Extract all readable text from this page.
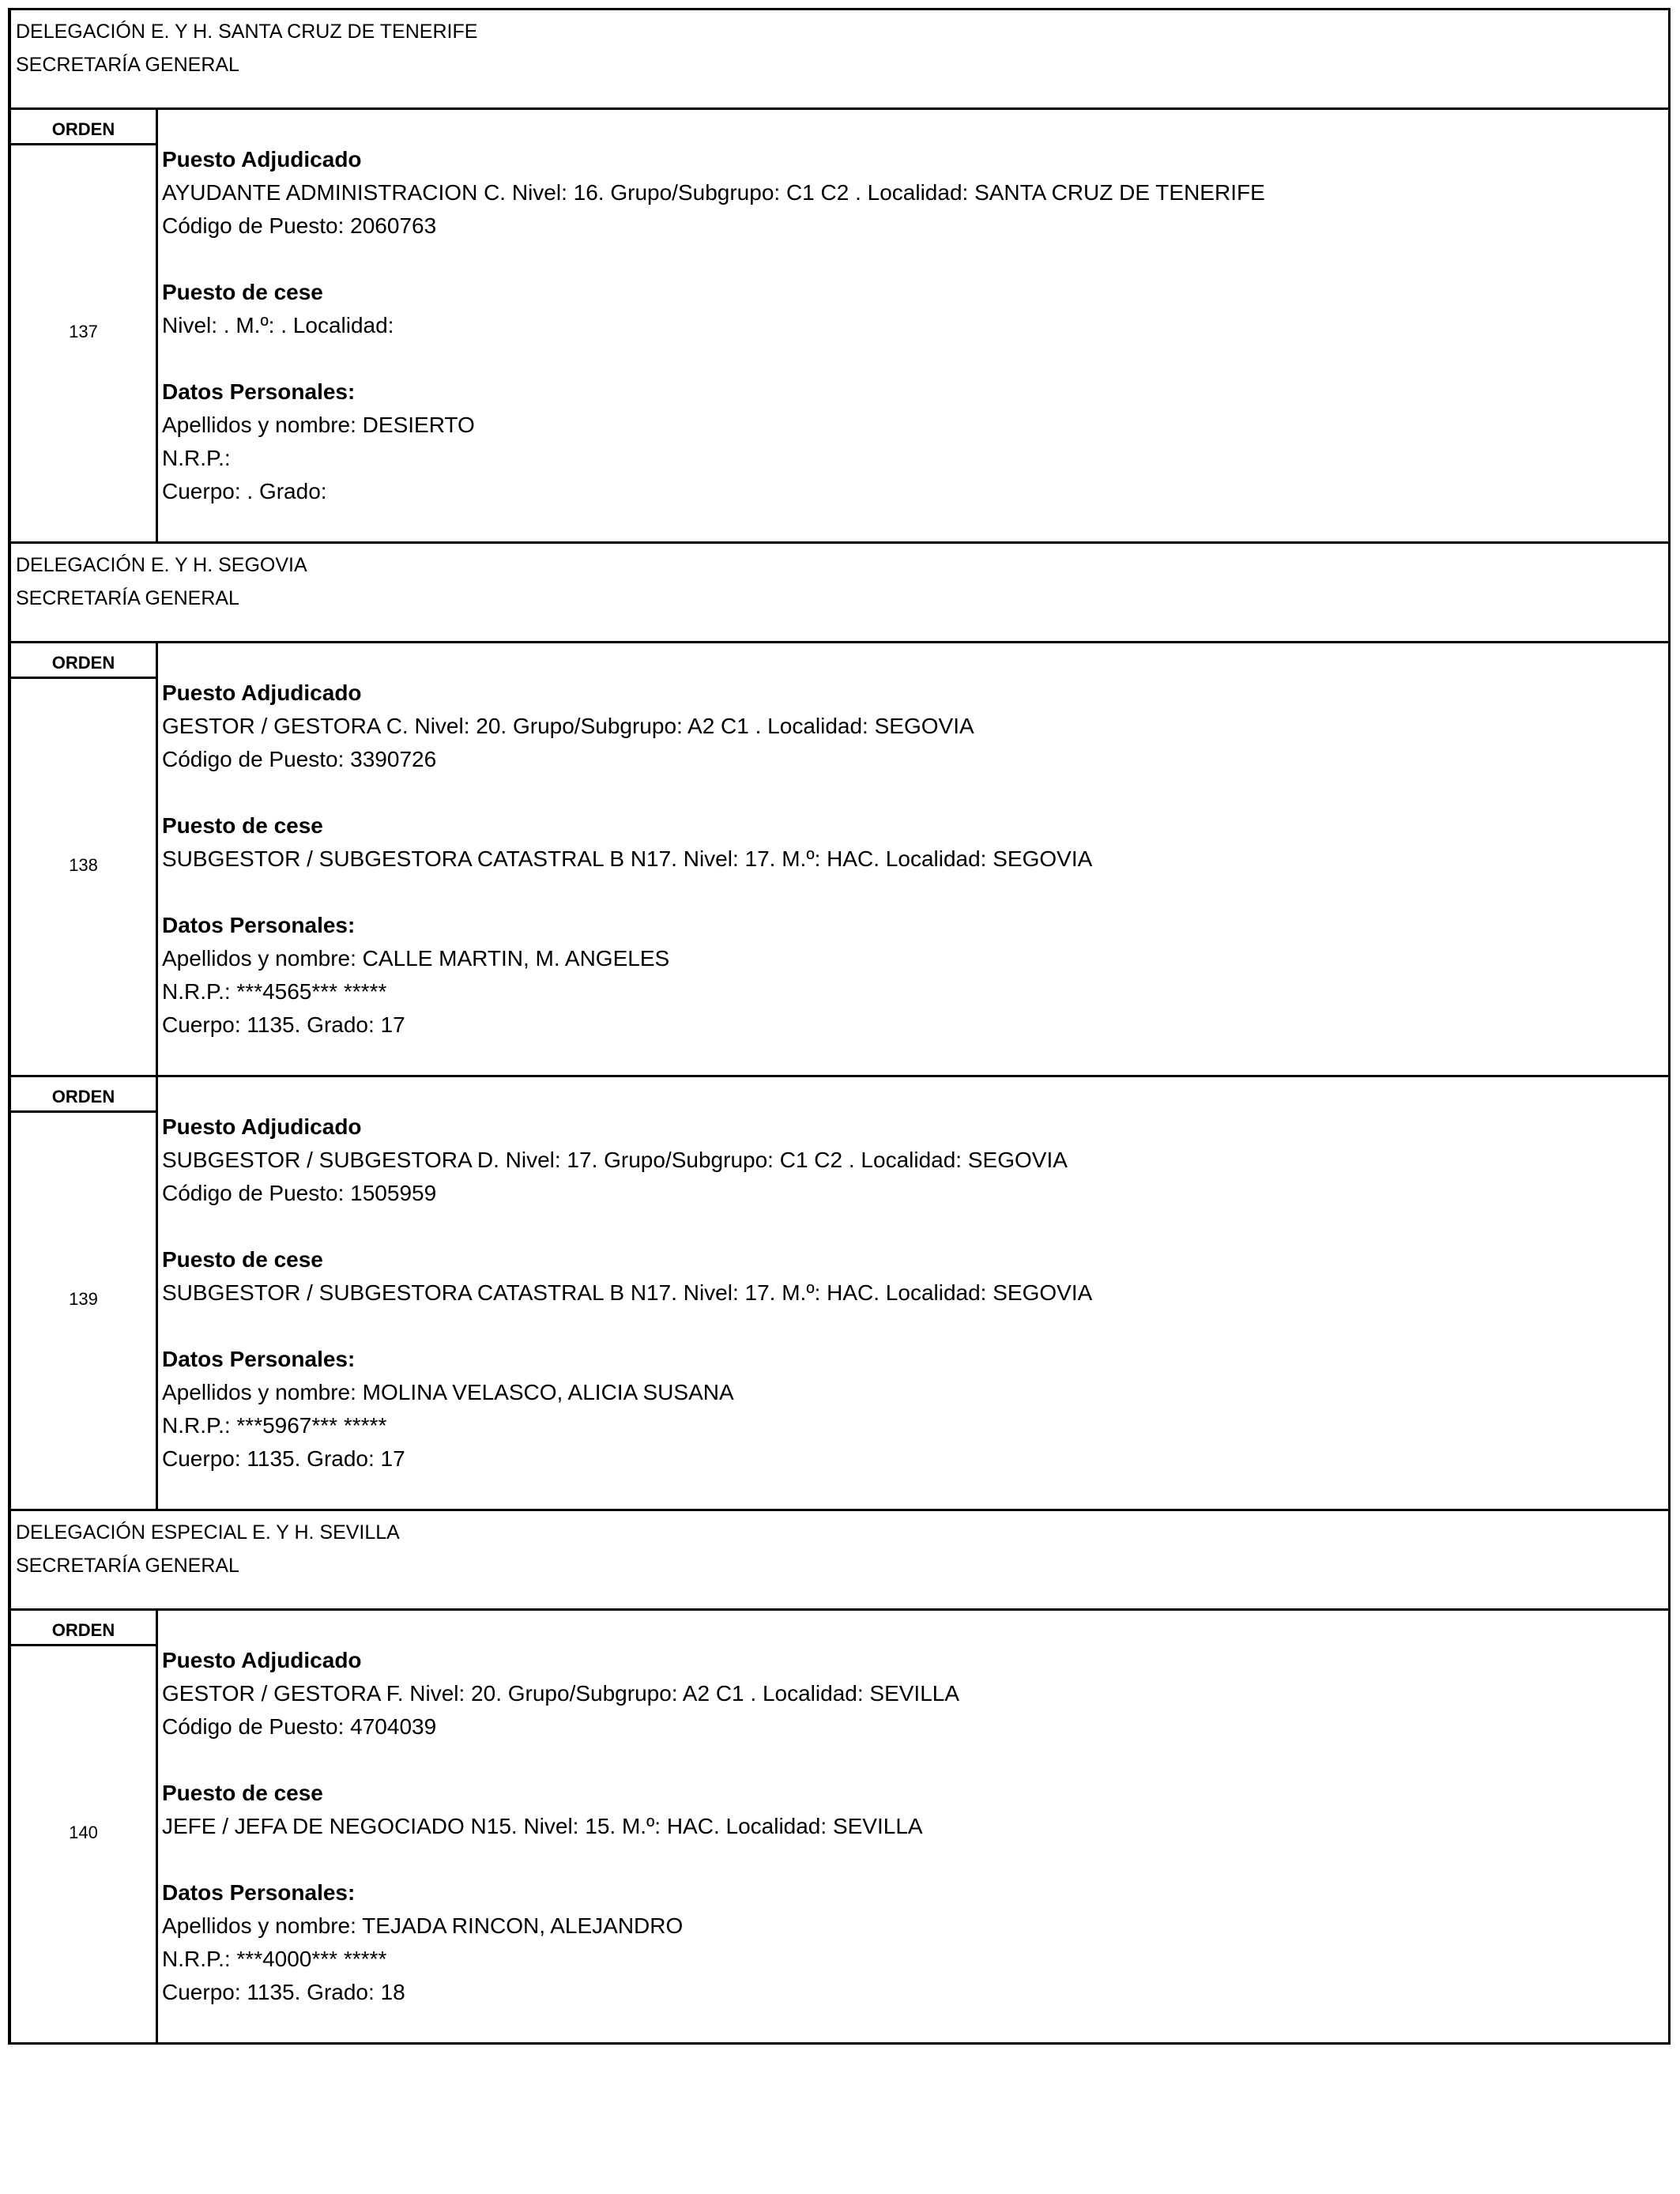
DELEGACIÓN E. Y H. SANTA CRUZ DE TENERIFE
SECRETARÍA GENERAL
ORDEN
137
Puesto Adjudicado
AYUDANTE ADMINISTRACION C. Nivel: 16. Grupo/Subgrupo: C1 C2 . Localidad: SANTA CRUZ DE TENERIFE
Código de Puesto: 2060763
Puesto de cese
Nivel: . M.º: . Localidad:
Datos Personales:
Apellidos y nombre: DESIERTO
N.R.P.:
Cuerpo: . Grado:
DELEGACIÓN E. Y H. SEGOVIA
SECRETARÍA GENERAL
ORDEN
138
Puesto Adjudicado
GESTOR / GESTORA C. Nivel: 20. Grupo/Subgrupo: A2 C1 . Localidad: SEGOVIA
Código de Puesto: 3390726
Puesto de cese
SUBGESTOR / SUBGESTORA CATASTRAL B N17. Nivel: 17. M.º: HAC. Localidad: SEGOVIA
Datos Personales:
Apellidos y nombre: CALLE MARTIN, M. ANGELES
N.R.P.: ***4565*** *****
Cuerpo: 1135. Grado: 17
ORDEN
139
Puesto Adjudicado
SUBGESTOR / SUBGESTORA D. Nivel: 17. Grupo/Subgrupo: C1 C2 . Localidad: SEGOVIA
Código de Puesto: 1505959
Puesto de cese
SUBGESTOR / SUBGESTORA CATASTRAL B N17. Nivel: 17. M.º: HAC. Localidad: SEGOVIA
Datos Personales:
Apellidos y nombre: MOLINA VELASCO, ALICIA SUSANA
N.R.P.: ***5967*** *****
Cuerpo: 1135. Grado: 17
DELEGACIÓN ESPECIAL E. Y H. SEVILLA
SECRETARÍA GENERAL
ORDEN
140
Puesto Adjudicado
GESTOR / GESTORA F. Nivel: 20. Grupo/Subgrupo: A2 C1 . Localidad: SEVILLA
Código de Puesto: 4704039
Puesto de cese
JEFE / JEFA DE NEGOCIADO N15. Nivel: 15. M.º: HAC. Localidad: SEVILLA
Datos Personales:
Apellidos y nombre: TEJADA RINCON, ALEJANDRO
N.R.P.: ***4000*** *****
Cuerpo: 1135. Grado: 18
